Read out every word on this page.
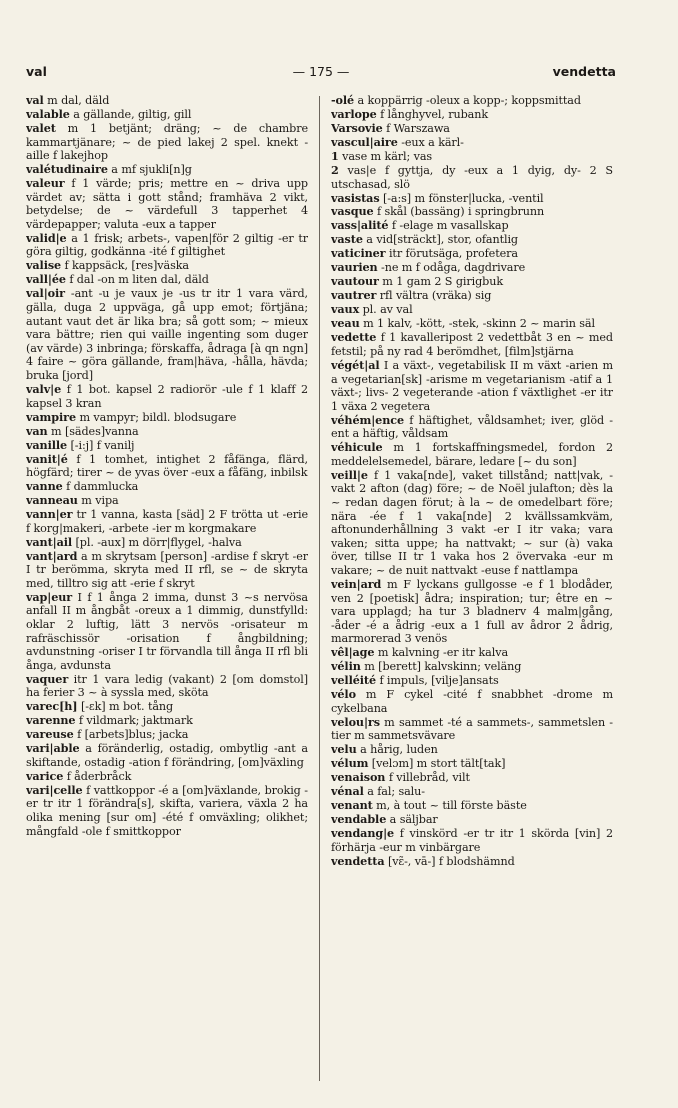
val	— 175 —	vendetta

val m dal, däld

valable a gällande, giltig, gill

valet m 1 betjänt; dräng; ~ de chambre kammartjänare; ~ de pied lakej 2 spel. knekt -aille f lakejhop

valétudinaire a mf sjukli[n]g

valeur f 1 värde; pris; mettre en ~ driva upp värdet av; sätta i gott stånd; framhäva 2 vikt, betydelse; de ~ värdefull 3 tapperhet 4 värdepapper; valuta -eux a tapper

valid|e a 1 frisk; arbets-, vapen|för 2 giltig -er tr göra giltig, godkänna -ité f giltighet

valise f kappsäck, [res]väska

vall|ée f dal -on m liten dal, däld

val|oir -ant -u je vaux je -us tr itr 1 vara värd, gälla, duga 2 uppväga, gå upp emot; förtjäna; autant vaut det är lika bra; så gott som; ~ mieux vara bättre; rien qui vaille ingenting som duger (av värde) 3 inbringa; förskaffa, ådraga [à qn ngn] 4 faire ~ göra gällande, fram|häva, -hålla, hävda; bruka [jord]

valv|e f 1 bot. kapsel 2 radiorör -ule f 1 klaff 2 kapsel 3 kran

vampire m vampyr; bildl. blodsugare

van m [sädes]vanna

vanille [-i:j] f vanilj

vanit|é f 1 tomhet, intighet 2 fåfänga, flärd, högfärd; tirer ~ de yvas över -eux a fåfäng, inbilsk

vanne f dammlucka

vanneau m vipa

vann|er tr 1 vanna, kasta [säd] 2 F trötta ut -erie f korg|makeri, -arbete -ier m korgmakare

vant|ail [pl. -aux] m dörr|flygel, -halva

vant|ard a m skrytsam [person] -ardise f skryt -er I tr berömma, skryta med II rfl, se ~ de skryta med, tilltro sig att -erie f skryt

vap|eur I f 1 ånga 2 imma, dunst 3 ~s nervösa anfall II m ångbåt -oreux a 1 dimmig, dunstfylld: oklar 2 luftig, lätt 3 nervös -orisateur m rafräschissör -orisation f ångbildning; avdunstning -oriser I tr förvandla till ånga II rfl bli ånga, avdunsta

vaquer itr 1 vara ledig (vakant) 2 [om domstol] ha ferier 3 ~ à syssla med, sköta

varec[h] [-ɛk] m bot. tång

varenne f vildmark; jaktmark

vareuse f [arbets]blus; jacka

vari|able a föränderlig, ostadig, ombytlig -ant a skiftande, ostadig -ation f förändring, [om]växling

varice f åderbråck

vari|celle f vattkoppor -é a [om]växlande, brokig -er tr itr 1 förändra[s], skifta, variera, växla 2 ha olika mening [sur om] -été f omväxling; olikhet; mångfald -ole f smittkoppor

-olé a koppärrig -oleux a kopp-; koppsmittad

varlope f långhyvel, rubank

Varsovie f Warszawa

vascul|aire -eux a kärl-

1 vase m kärl; vas

2 vas|e f gyttja, dy -eux a 1 dyig, dy- 2 S utschasad, slö

vasistas [-a:s] m fönster|lucka, -ventil

vasque f skål (bassäng) i springbrunn

vass|alité f -elage m vasallskap

vaste a vid[sträckt], stor, ofantlig

vaticiner itr förutsäga, profetera

vaurien -ne m f odåga, dagdrivare

vautour m 1 gam 2 S girigbuk

vautrer rfl vältra (vräka) sig

vaux pl. av val

veau m 1 kalv, -kött, -stek, -skinn 2 ~ marin säl

vedette f 1 kavalleripost 2 vedettbåt 3 en ~ med fetstil; på ny rad 4 berömdhet, [film]stjärna

végét|al I a växt-, vegetabilisk II m växt -arien m a vegetarian[sk] -arisme m vegetarianism -atif a 1 växt-; livs- 2 vegeterande -ation f växtlighet -er itr 1 växa 2 vegetera

véhém|ence f häftighet, våldsamhet; iver, glöd -ent a häftig, våldsam

véhicule m 1 fortskaffningsmedel, fordon 2 meddelelsemedel, bärare, ledare [~ du son]

veill|e f 1 vaka[nde], vaket tillstånd; natt|vak, -vakt 2 afton (dag) före; ~ de Noël julafton; dès la ~ redan dagen förut; à la ~ de omedelbart före; nära -ée f 1 vaka[nde] 2 kvällssamkväm, aftonunderhållning 3 vakt -er I itr vaka; vara vaken; sitta uppe; ha nattvakt; ~ sur (à) vaka över, tillse II tr 1 vaka hos 2 övervaka -eur m vakare; ~ de nuit nattvakt -euse f nattlampa

vein|ard m F lyckans gullgosse -e f 1 blodåder, ven 2 [poetisk] ådra; inspiration; tur; être en ~ vara upplagd; ha tur 3 bladnerv 4 malm|gång, -åder -é a ådrig -eux a 1 full av ådror 2 ådrig, marmorerad 3 venös

vêl|age m kalvning -er itr kalva

vélin m [berett] kalvskinn; veläng

velléité f impuls, [vilje]ansats

vélo m F cykel -cité f snabbhet -drome m cykelbana

velou|rs m sammet -té a sammets-, sammetslen -tier m sammetsvävare

velu a hårig, luden

vélum [velɔm] m stort tält[tak]

venaison f villebråd, vilt

vénal a fal; salu-

venant m, à tout ~ till förste bäste

vendable a säljbar

vendang|e f vinskörd -er tr itr 1 skörda [vin] 2 förhärja -eur m vinbärgare

vendetta [vɛ̃-, vā-] f blodshämnd
